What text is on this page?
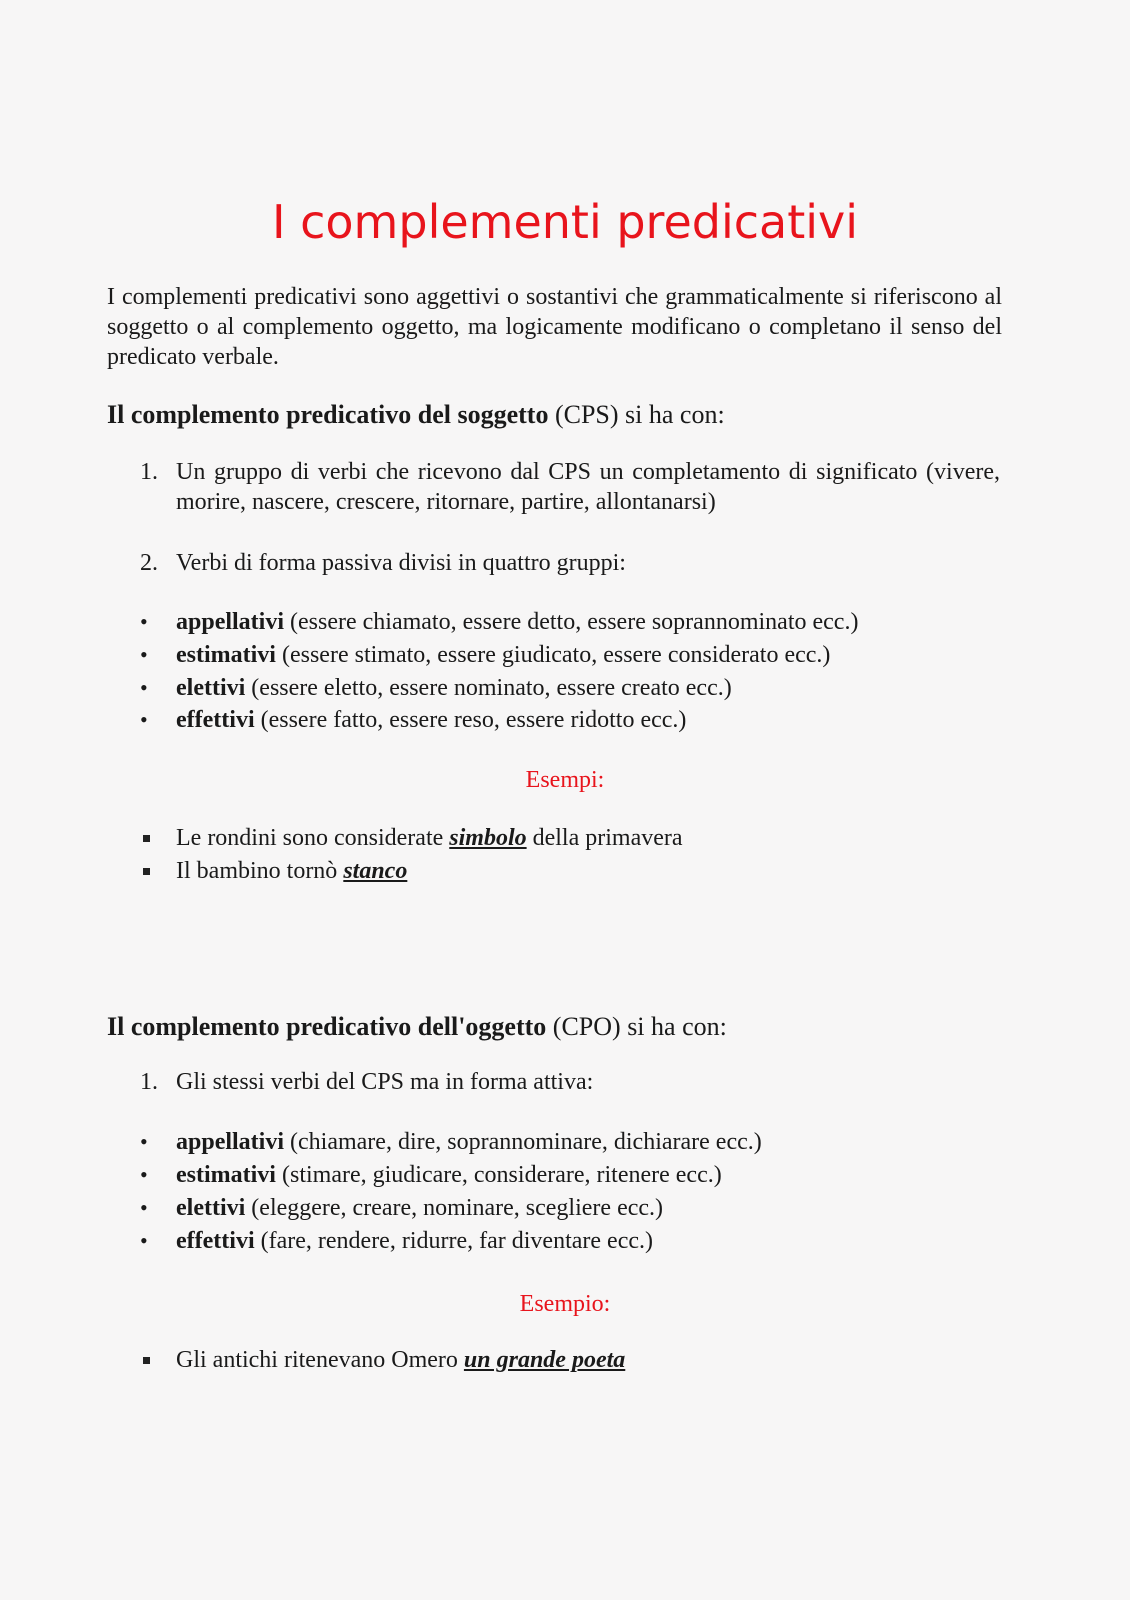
I complementi predicativi
I complementi predicativi sono aggettivi o sostantivi che grammaticalmente si riferiscono al soggetto o al complemento oggetto, ma logicamente modificano o completano il senso del predicato verbale.
Il complemento predicativo del soggetto (CPS) si ha con:
1. Un gruppo di verbi che ricevono dal CPS un completamento di significato (vivere, morire, nascere, crescere, ritornare, partire, allontanarsi)
2. Verbi di forma passiva divisi in quattro gruppi:
• appellativi (essere chiamato, essere detto, essere soprannominato ecc.)
• estimativi (essere stimato, essere giudicato, essere considerato ecc.)
• elettivi (essere eletto, essere nominato, essere creato ecc.)
• effettivi (essere fatto, essere reso, essere ridotto ecc.)
Esempi:
Le rondini sono considerate simbolo della primavera
Il bambino tornò stanco
Il complemento predicativo dell'oggetto (CPO) si ha con:
1. Gli stessi verbi del CPS ma in forma attiva:
• appellativi (chiamare, dire, soprannominare, dichiarare ecc.)
• estimativi (stimare, giudicare, considerare, ritenere ecc.)
• elettivi (eleggere, creare, nominare, scegliere ecc.)
• effettivi (fare, rendere, ridurre, far diventare ecc.)
Esempio:
Gli antichi ritenevano Omero un grande poeta
